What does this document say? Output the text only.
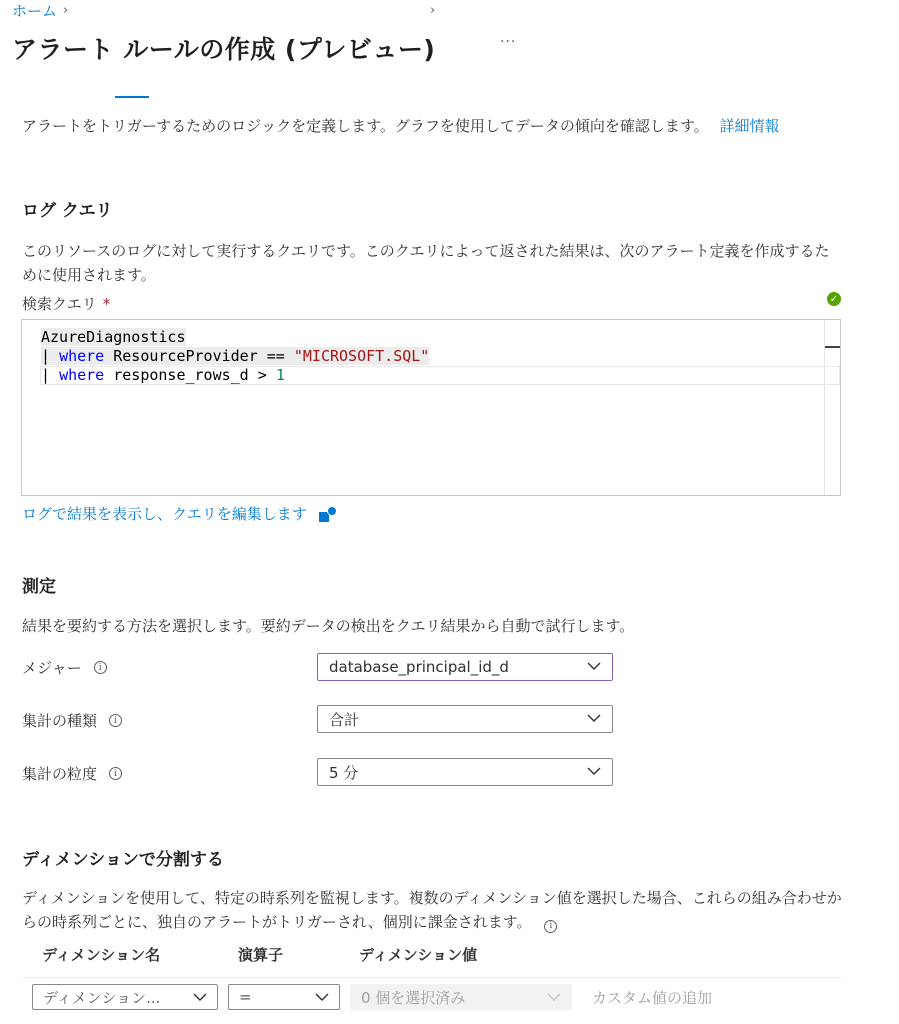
ホーム ›	›
アラート ルールの作成 (プレビュー)	···
アラートをトリガーするためのロジックを定義します。グラフを使用してデータの傾向を確認します。 詳細情報
ログ クエリ
このリソースのログに対して実行するクエリです。このクエリによって返された結果は、次のアラート定義を作成するために使用されます。
検索クエリ *	✓
AzureDiagnostics
| where ResourceProvider == "MICROSOFT.SQL"
| where response_rows_d > 1
ログで結果を表示し、クエリを編集します
測定
結果を要約する方法を選択します。要約データの検出をクエリ結果から自動で試行します。
メジャー	i	database_principal_id_d
集計の種類	i	合計
集計の粒度	i	5 分
ディメンションで分割する
ディメンションを使用して、特定の時系列を監視します。複数のディメンション値を選択した場合、これらの組み合わせからの時系列ごとに、独自のアラートがトリガーされ、個別に課金されます。 i
ディメンション名	演算子	ディメンション値
ディメンション...	=	0 個を選択済み	カスタム値の追加
